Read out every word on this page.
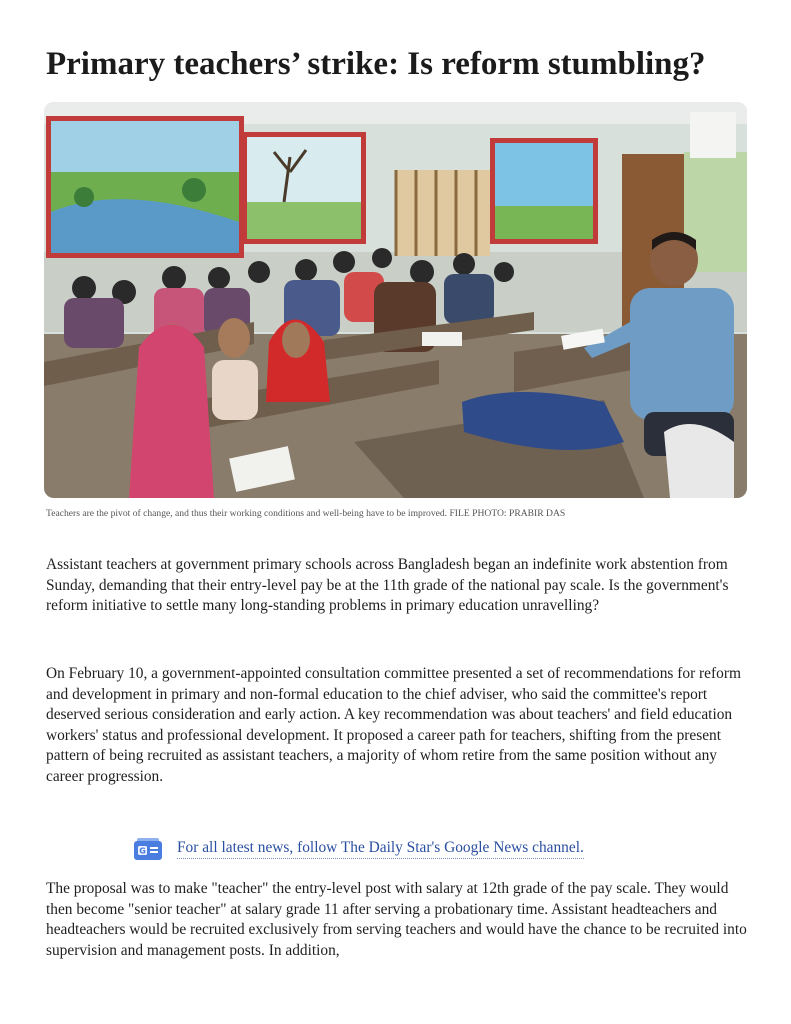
Primary teachers’ strike: Is reform stumbling?
Teachers are the pivot of change, and thus their working conditions and well-being have to be improved. FILE PHOTO: PRABIR DAS

Assistant teachers at government primary schools across Bangladesh began an indefinite work abstention from Sunday, demanding that their entry-level pay be at the 11th grade of the national pay scale. Is the government's reform initiative to settle many long-standing problems in primary education unravelling?

On February 10, a government-appointed consultation committee presented a set of recommendations for reform and development in primary and non-formal education to the chief adviser, who said the committee's report deserved serious consideration and early action. A key recommendation was about teachers' and field education workers' status and professional development. It proposed a career path for teachers, shifting from the present pattern of being recruited as assistant teachers, a majority of whom retire from the same position without any career progression.

G For all latest news, follow The Daily Star's Google News channel.

The proposal was to make "teacher" the entry-level post with salary at 12th grade of the pay scale. They would then become "senior teacher" at salary grade 11 after serving a probationary time. Assistant headteachers and headteachers would be recruited exclusively from serving teachers and would have the chance to be recruited into supervision and management posts. In addition,
